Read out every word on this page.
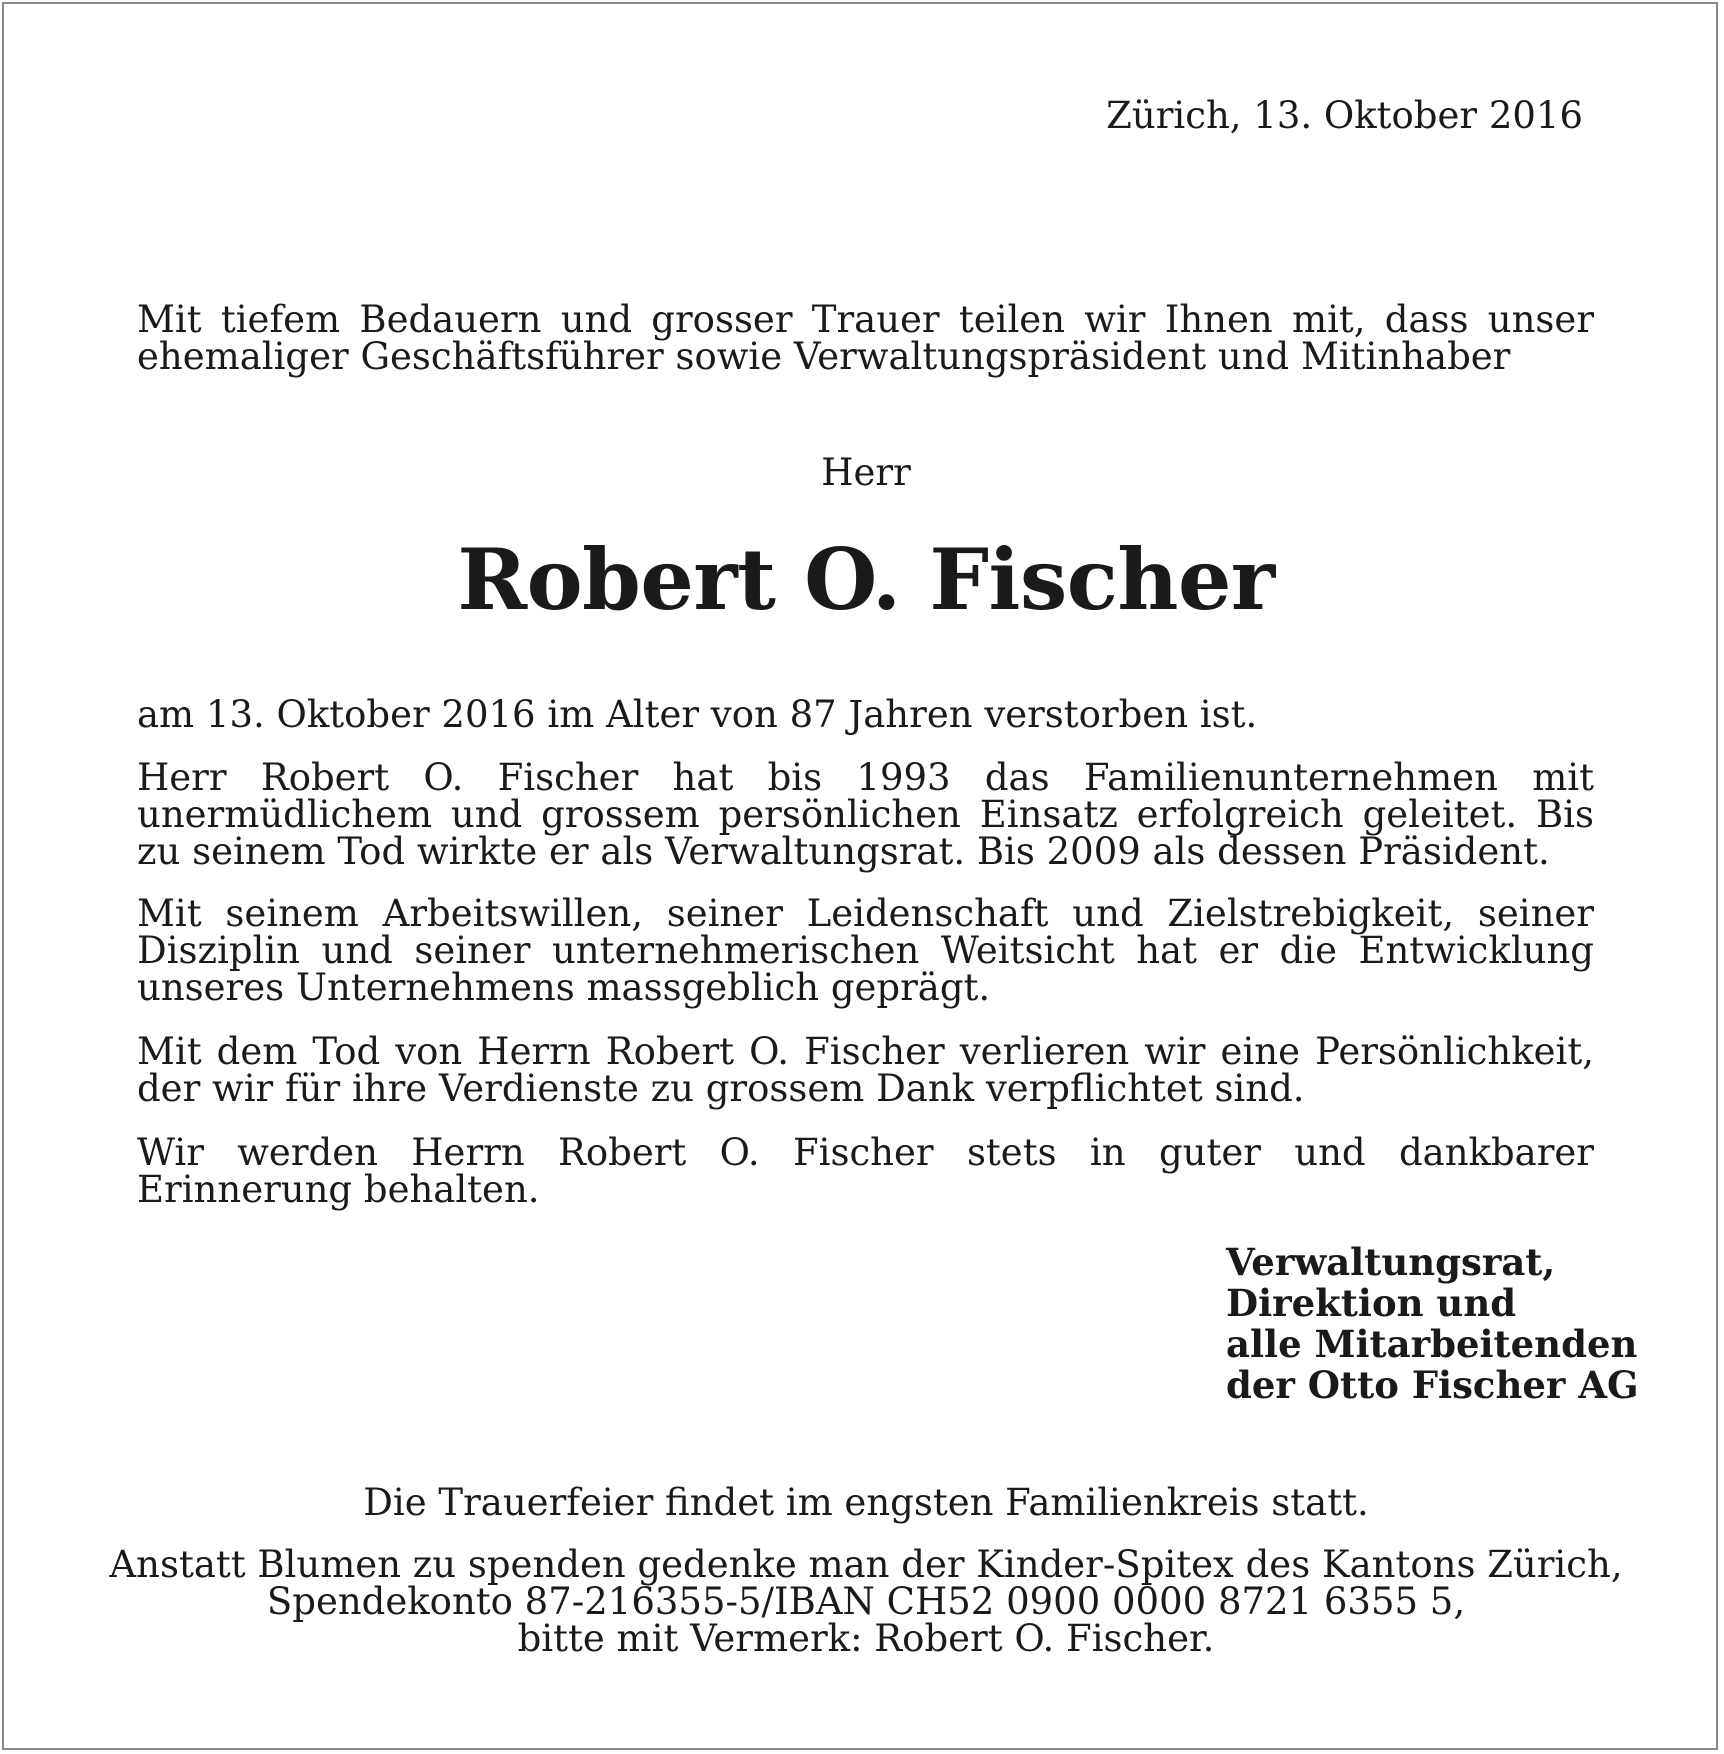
Zürich, 13. Oktober 2016
Mit tiefem Bedauern und grosser Trauer teilen wir Ihnen mit, dass unser ehemaliger Geschäftsführer sowie Verwaltungspräsident und Mitinhaber
Herr
Robert O. Fischer
am 13. Oktober 2016 im Alter von 87 Jahren verstorben ist.
Herr Robert O. Fischer hat bis 1993 das Familienunternehmen mit unermüdlichem und grossem persönlichen Einsatz erfolgreich geleitet. Bis zu seinem Tod wirkte er als Verwaltungsrat. Bis 2009 als dessen Präsident.
Mit seinem Arbeitswillen, seiner Leidenschaft und Zielstrebigkeit, seiner Disziplin und seiner unternehmerischen Weitsicht hat er die Entwicklung unseres Unternehmens massgeblich geprägt.
Mit dem Tod von Herrn Robert O. Fischer verlieren wir eine Persönlichkeit, der wir für ihre Verdienste zu grossem Dank verpflichtet sind.
Wir werden Herrn Robert O. Fischer stets in guter und dankbarer Erinnerung behalten.
Verwaltungsrat,
Direktion und
alle Mitarbeitenden
der Otto Fischer AG
Die Trauerfeier findet im engsten Familienkreis statt.
Anstatt Blumen zu spenden gedenke man der Kinder-Spitex des Kantons Zürich,
Spendekonto 87-216355-5/IBAN CH52 0900 0000 8721 6355 5,
bitte mit Vermerk: Robert O. Fischer.
